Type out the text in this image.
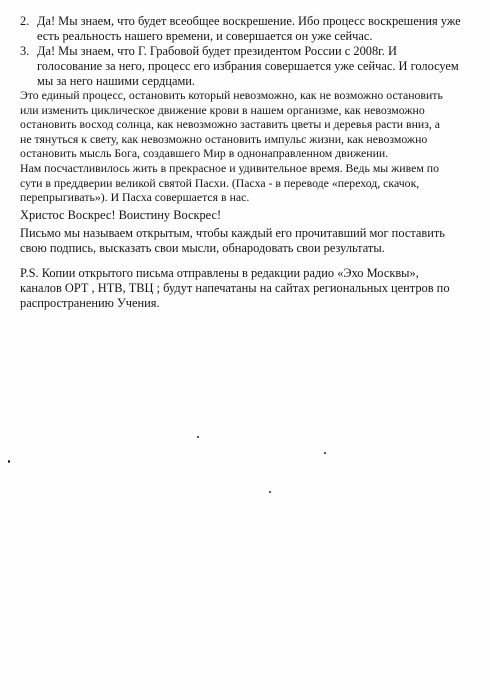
2. Да! Мы знаем, что будет всеобщее воскрешение. Ибо процесс воскрешения уже
есть реальность нашего времени, и совершается он уже сейчас.
3. Да! Мы знаем, что Г. Грабовой будет президентом России с 2008г. И
голосование за него, процесс его избрания совершается уже сейчас. И голосуем
мы за него нашими сердцами.
Это единый процесс, остановить который невозможно, как не возможно остановить
или изменить циклическое движение крови в нашем организме, как невозможно
остановить восход солнца, как невозможно заставить цветы и деревья расти вниз, а
не тянуться к свету, как невозможно остановить импульс жизни, как невозможно
остановить мысль Бога, создавшего Мир в однонаправленном движении.
Нам посчастливилось жить в прекрасное и удивительное время. Ведь мы живем по
сути в преддверии великой святой Пасхи. (Пасха - в переводе «переход, скачок,
перепрыгивать»). И Пасха совершается в нас.
Христос Воскрес! Воистину Воскрес!
Письмо мы называем открытым, чтобы каждый его прочитавший мог поставить
свою подпись, высказать свои мысли, обнародовать свои результаты.
P.S. Копии открытого письма отправлены в редакции радио «Эхо Москвы»,
каналов ОРТ , НТВ, ТВЦ ; будут напечатаны на сайтах региональных центров по
распространению Учения.
